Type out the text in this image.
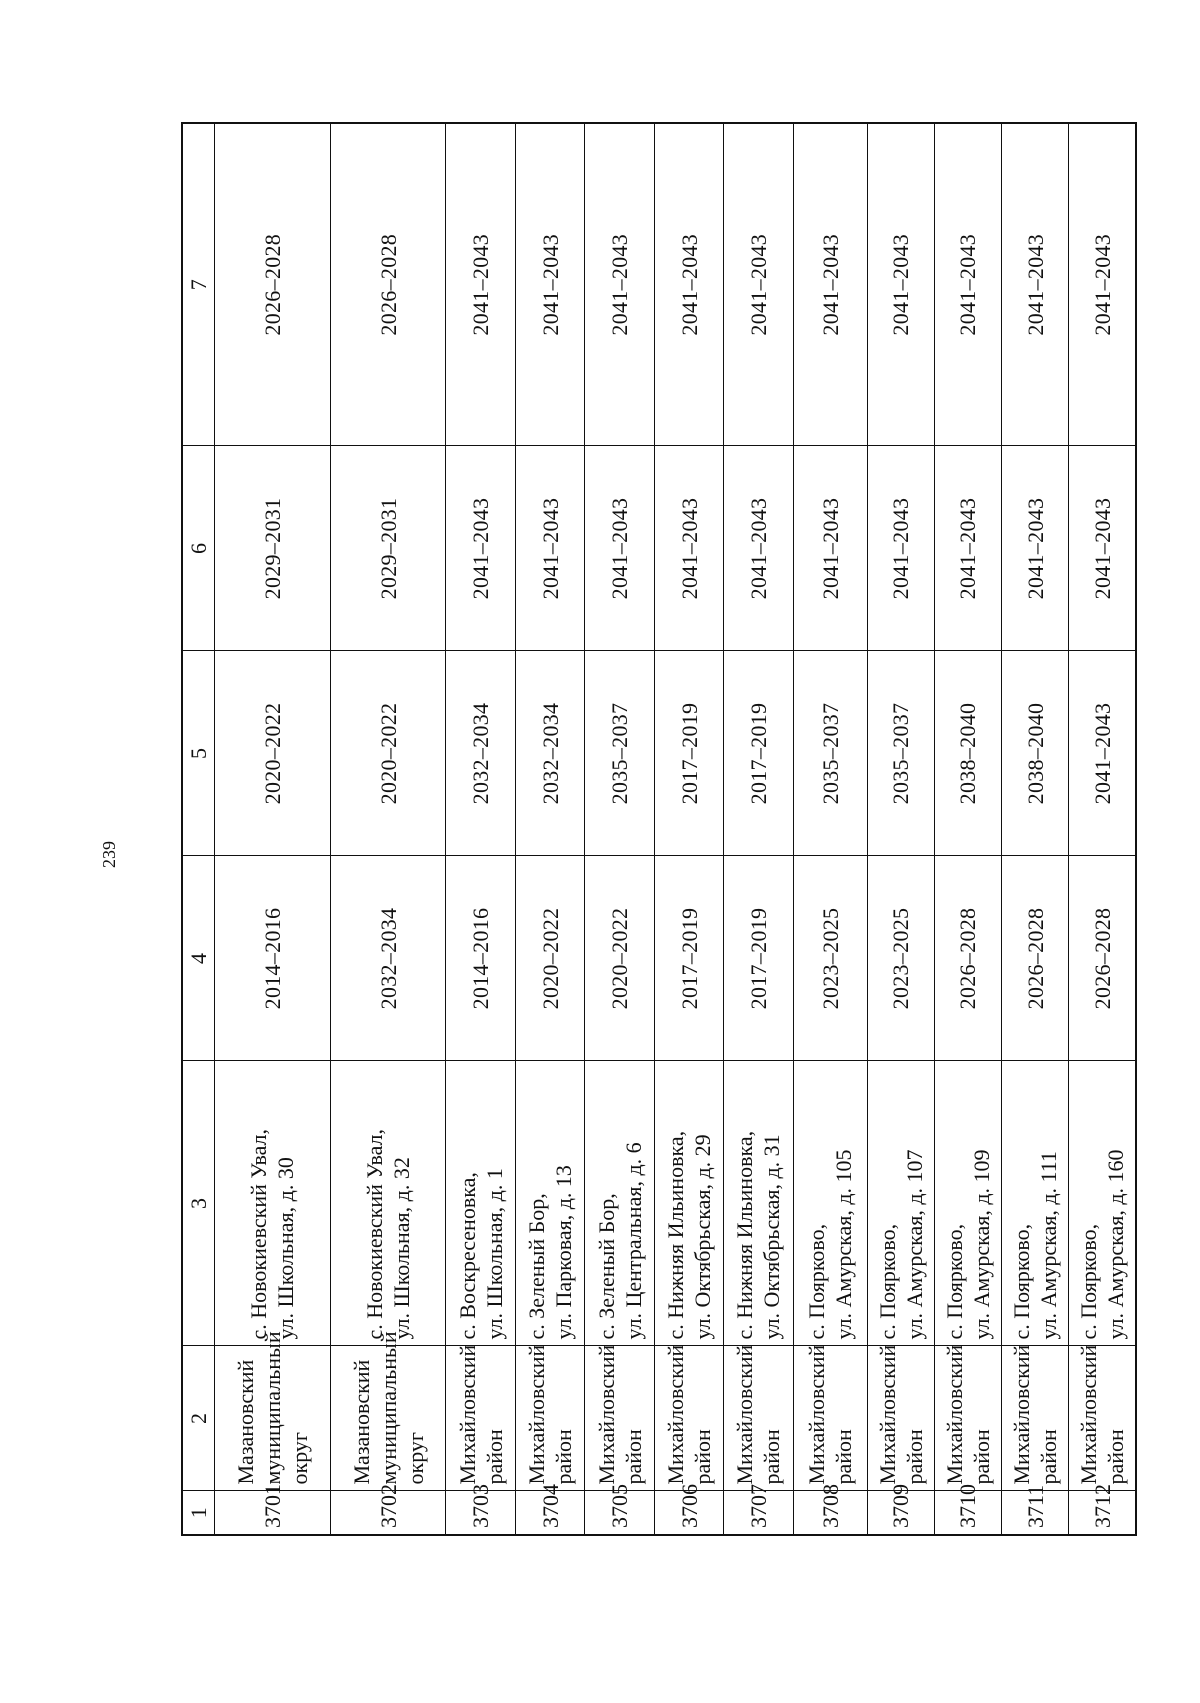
239
1	2	3	4	5	6	7
3701	Мазановский муниципальный округ	с. Новокиевский Увал, ул. Школьная, д. 30	2014–2016	2020–2022	2029–2031	2026–2028
3702	Мазановский муниципальный округ	с. Новокиевский Увал, ул. Школьная, д. 32	2032–2034	2020–2022	2029–2031	2026–2028
3703	Михайловский район	с. Воскресеновка, ул. Школьная, д. 1	2014–2016	2032–2034	2041–2043	2041–2043
3704	Михайловский район	с. Зеленый Бор, ул. Парковая, д. 13	2020–2022	2032–2034	2041–2043	2041–2043
3705	Михайловский район	с. Зеленый Бор, ул. Центральная, д. 6	2020–2022	2035–2037	2041–2043	2041–2043
3706	Михайловский район	с. Нижняя Ильиновка, ул. Октябрьская, д. 29	2017–2019	2017–2019	2041–2043	2041–2043
3707	Михайловский район	с. Нижняя Ильиновка, ул. Октябрьская, д. 31	2017–2019	2017–2019	2041–2043	2041–2043
3708	Михайловский район	с. Поярково, ул. Амурская, д. 105	2023–2025	2035–2037	2041–2043	2041–2043
3709	Михайловский район	с. Поярково, ул. Амурская, д. 107	2023–2025	2035–2037	2041–2043	2041–2043
3710	Михайловский район	с. Поярково, ул. Амурская, д. 109	2026–2028	2038–2040	2041–2043	2041–2043
3711	Михайловский район	с. Поярково, ул. Амурская, д. 111	2026–2028	2038–2040	2041–2043	2041–2043
3712	Михайловский район	с. Поярково, ул. Амурская, д. 160	2026–2028	2041–2043	2041–2043	2041–2043
